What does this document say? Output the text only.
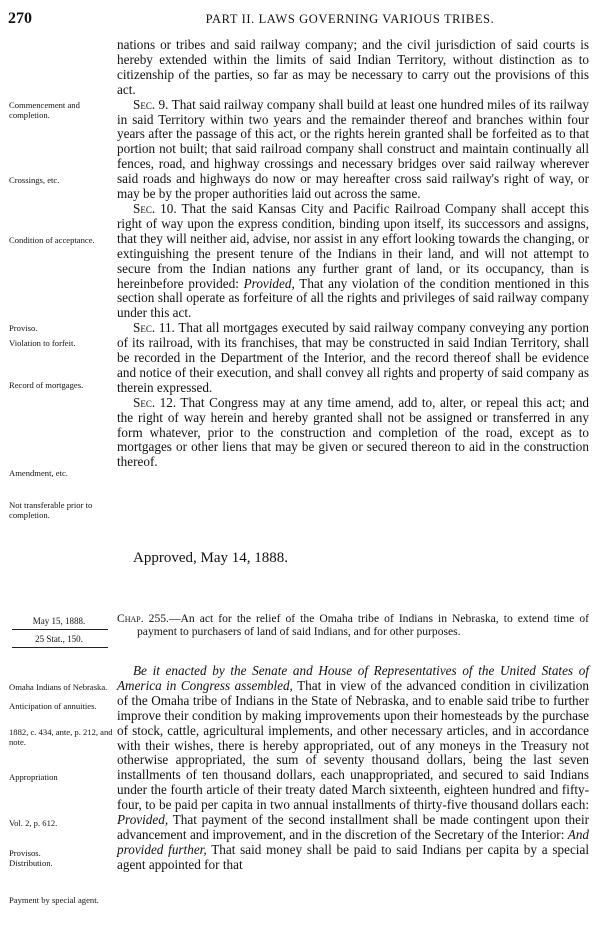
270	PART II. LAWS GOVERNING VARIOUS TRIBES.

nations or tribes and said railway company; and the civil jurisdiction of said courts is hereby extended within the limits of said Indian Territory, without distinction as to citizenship of the parties, so far as may be necessary to carry out the provisions of this act.

Sec. 9. That said railway company shall build at least one hundred miles of its railway in said Territory within two years and the remainder thereof and branches within four years after the passage of this act, or the rights herein granted shall be forfeited as to that portion not built; that said railroad company shall construct and maintain continually all fences, road, and highway crossings and necessary bridges over said railway wherever said roads and highways do now or may hereafter cross said railway's right of way, or may be by the proper authorities laid out across the same.

Sec. 10. That the said Kansas City and Pacific Railroad Company shall accept this right of way upon the express condition, binding upon itself, its successors and assigns, that they will neither aid, advise, nor assist in any effort looking towards the changing, or extinguishing the present tenure of the Indians in their land, and will not attempt to secure from the Indian nations any further grant of land, or its occupancy, than is hereinbefore provided: Provided, That any violation of the condition mentioned in this section shall operate as forfeiture of all the rights and privileges of said railway company under this act.

Sec. 11. That all mortgages executed by said railway company conveying any portion of its railroad, with its franchises, that may be constructed in said Indian Territory, shall be recorded in the Department of the Interior, and the record thereof shall be evidence and notice of their execution, and shall convey all rights and property of said company as therein expressed.

Sec. 12. That Congress may at any time amend, add to, alter, or repeal this act; and the right of way herein and hereby granted shall not be assigned or transferred in any form whatever, prior to the construction and completion of the road, except as to mortgages or other liens that may be given or secured thereon to aid in the construction thereof.

Approved, May 14, 1888.
Commencement and completion.
Crossings, etc.
Condition of acceptance.
Proviso.
Violation to forfeit.
Record of mortgages.
Amendment, etc.
Not transferable prior to completion.
May 15, 1888.
25 Stat., 150.
Chap. 255.—An act for the relief of the Omaha tribe of Indians in Nebraska, to extend time of payment to purchasers of land of said Indians, and for other purposes.

Be it enacted by the Senate and House of Representatives of the United States of America in Congress assembled, That in view of the advanced condition in civilization of the Omaha tribe of Indians in the State of Nebraska, and to enable said tribe to further improve their condition by making improvements upon their homesteads by the purchase of stock, cattle, agricultural implements, and other necessary articles, and in accordance with their wishes, there is hereby appropriated, out of any moneys in the Treasury not otherwise appropriated, the sum of seventy thousand dollars, being the last seven installments of ten thousand dollars, each unappropriated, and secured to said Indians under the fourth article of their treaty dated March sixteenth, eighteen hundred and fifty-four, to be paid per capita in two annual installments of thirty-five thousand dollars each: Provided, That payment of the second installment shall be made contingent upon their advancement and improvement, and in the discretion of the Secretary of the Interior: And provided further, That said money shall be paid to said Indians per capita by a special agent appointed for that

Omaha Indians of Nebraska.
Anticipation of annuities.
1882, c. 434, ante, p. 212, and note.
Appropriation
Vol. 2, p. 612.
Provisos.
Distribution.
Payment by special agent.
